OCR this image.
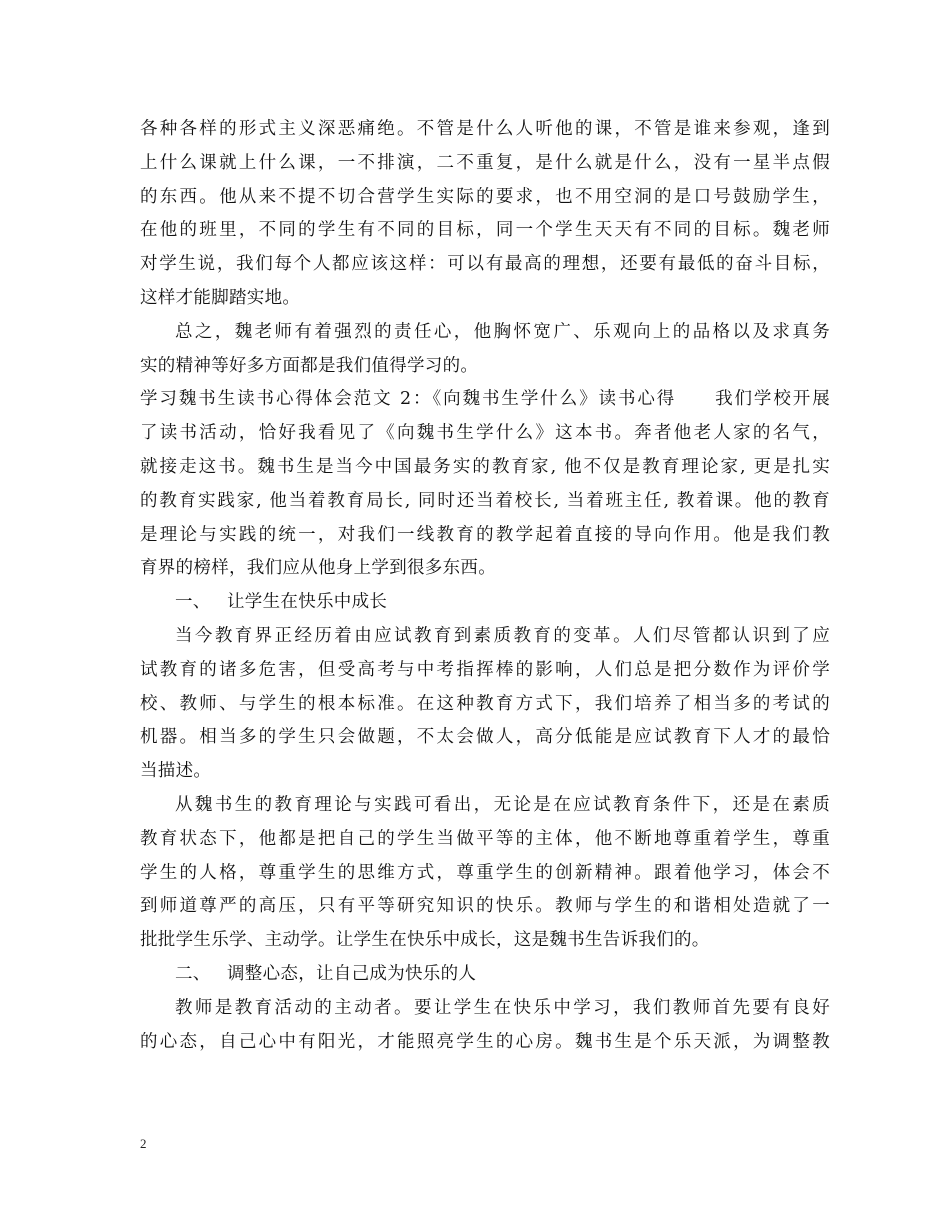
各种各样的形式主义深恶痛绝。不管是什么人听他的课，不管是谁来参观，逢到
上什么课就上什么课，一不排演，二不重复，是什么就是什么，没有一星半点假
的东西。他从来不提不切合营学生实际的要求，也不用空洞的是口号鼓励学生，
在他的班里，不同的学生有不同的目标，同一个学生天天有不同的目标。魏老师
对学生说，我们每个人都应该这样：可以有最高的理想，还要有最低的奋斗目标，
这样才能脚踏实地。
总之，魏老师有着强烈的责任心，他胸怀宽广、乐观向上的品格以及求真务
实的精神等好多方面都是我们值得学习的。
学习魏书生读书心得体会范文 2：《向魏书生学什么》读书心得　　我们学校开展
了读书活动，恰好我看见了《向魏书生学什么》这本书。奔者他老人家的名气，
就接走这书。魏书生是当今中国最务实的教育家, 他不仅是教育理论家, 更是扎实
的教育实践家, 他当着教育局长, 同时还当着校长, 当着班主任, 教着课。他的教育
是理论与实践的统一，对我们一线教育的教学起着直接的导向作用。他是我们教
育界的榜样，我们应从他身上学到很多东西。
一、 让学生在快乐中成长
当今教育界正经历着由应试教育到素质教育的变革。人们尽管都认识到了应
试教育的诸多危害，但受高考与中考指挥棒的影响，人们总是把分数作为评价学
校、教师、与学生的根本标准。在这种教育方式下，我们培养了相当多的考试的
机器。相当多的学生只会做题，不太会做人，高分低能是应试教育下人才的最恰
当描述。
从魏书生的教育理论与实践可看出，无论是在应试教育条件下，还是在素质
教育状态下，他都是把自己的学生当做平等的主体，他不断地尊重着学生，尊重
学生的人格，尊重学生的思维方式，尊重学生的创新精神。跟着他学习，体会不
到师道尊严的高压，只有平等研究知识的快乐。教师与学生的和谐相处造就了一
批批学生乐学、主动学。让学生在快乐中成长，这是魏书生告诉我们的。
二、 调整心态，让自己成为快乐的人
教师是教育活动的主动者。要让学生在快乐中学习，我们教师首先要有良好
的心态，自己心中有阳光，才能照亮学生的心房。魏书生是个乐天派，为调整教
2
